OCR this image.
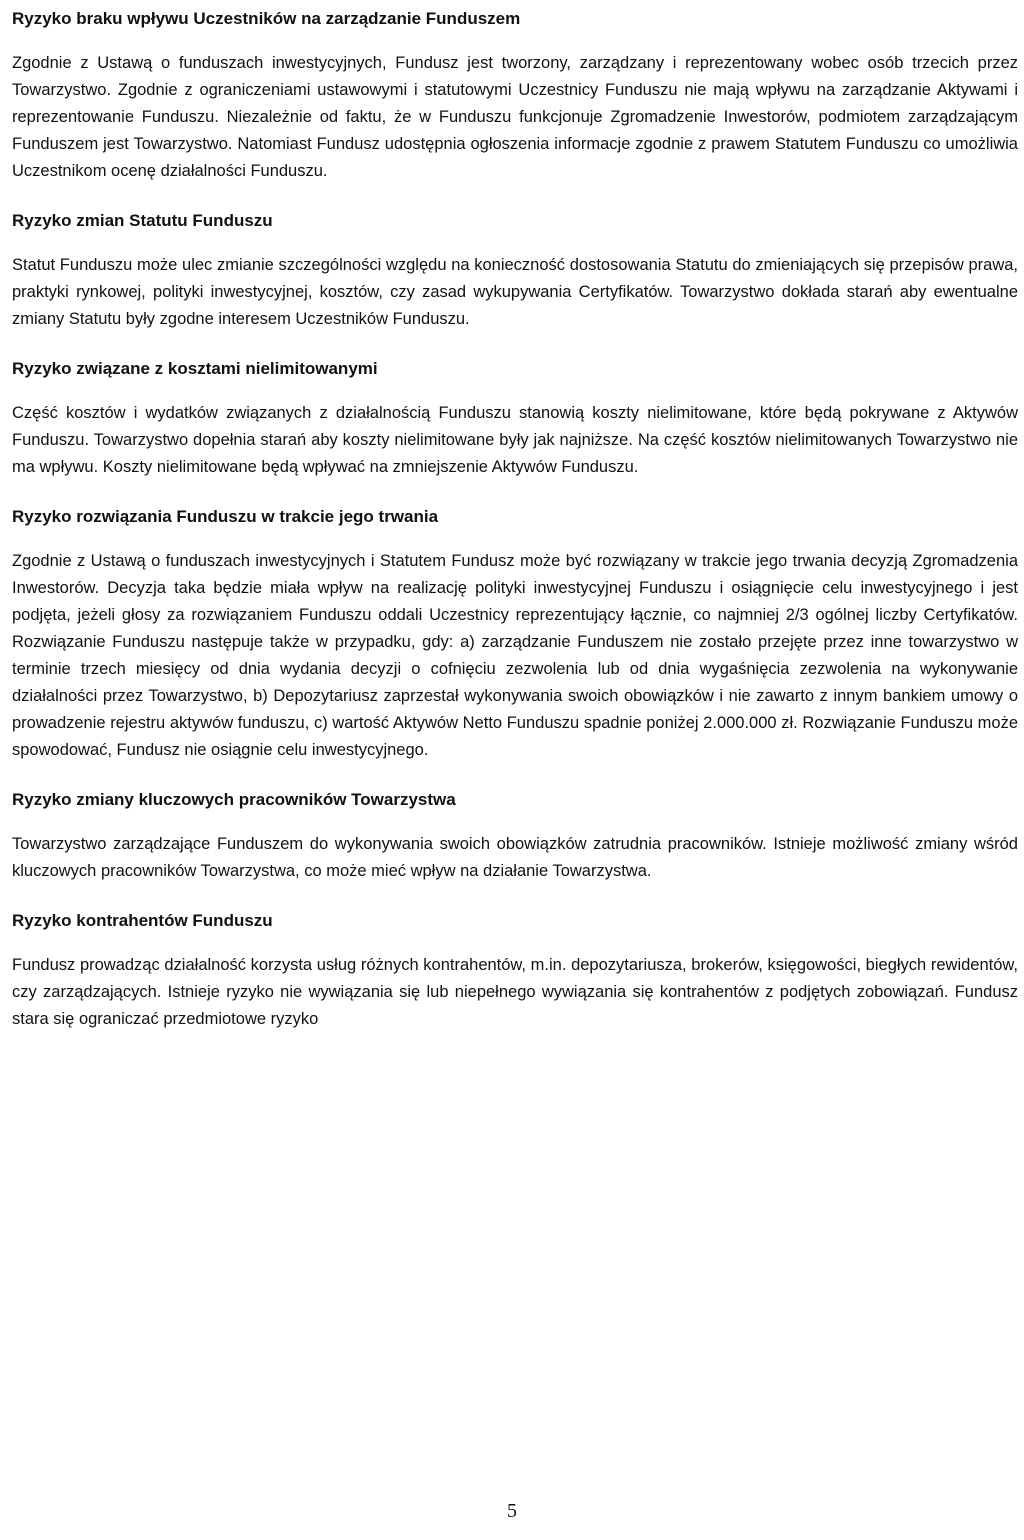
Ryzyko braku wpływu Uczestników na zarządzanie Funduszem
Zgodnie z Ustawą o funduszach inwestycyjnych, Fundusz jest tworzony, zarządzany i reprezentowany wobec osób trzecich przez Towarzystwo. Zgodnie z ograniczeniami ustawowymi i statutowymi Uczestnicy Funduszu nie mają wpływu na zarządzanie Aktywami i reprezentowanie Funduszu. Niezależnie od faktu, że w Funduszu funkcjonuje Zgromadzenie Inwestorów, podmiotem zarządzającym Funduszem jest Towarzystwo. Natomiast Fundusz udostępnia ogłoszenia informacje zgodnie z prawem Statutem Funduszu co umożliwia Uczestnikom ocenę działalności Funduszu.
Ryzyko zmian Statutu Funduszu
Statut Funduszu może ulec zmianie szczególności względu na konieczność dostosowania Statutu do zmieniających się przepisów prawa, praktyki rynkowej, polityki inwestycyjnej, kosztów, czy zasad wykupywania Certyfikatów. Towarzystwo dokłada starań aby ewentualne zmiany Statutu były zgodne interesem Uczestników Funduszu.
Ryzyko związane z kosztami nielimitowanymi
Część kosztów i wydatków związanych z działalnością Funduszu stanowią koszty nielimitowane, które będą pokrywane z Aktywów Funduszu. Towarzystwo dopełnia starań aby koszty nielimitowane były jak najniższe. Na część kosztów nielimitowanych Towarzystwo nie ma wpływu. Koszty nielimitowane będą wpływać na zmniejszenie Aktywów Funduszu.
Ryzyko rozwiązania Funduszu w trakcie jego trwania
Zgodnie z Ustawą o funduszach inwestycyjnych i Statutem Fundusz może być rozwiązany w trakcie jego trwania decyzją Zgromadzenia Inwestorów. Decyzja taka będzie miała wpływ na realizację polityki inwestycyjnej Funduszu i osiągnięcie celu inwestycyjnego i jest podjęta, jeżeli głosy za rozwiązaniem Funduszu oddali Uczestnicy reprezentujący łącznie, co najmniej 2/3 ogólnej liczby Certyfikatów. Rozwiązanie Funduszu następuje także w przypadku, gdy: a) zarządzanie Funduszem nie zostało przejęte przez inne towarzystwo w terminie trzech miesięcy od dnia wydania decyzji o cofnięciu zezwolenia lub od dnia wygaśnięcia zezwolenia na wykonywanie działalności przez Towarzystwo, b) Depozytariusz zaprzestał wykonywania swoich obowiązków i nie zawarto z innym bankiem umowy o prowadzenie rejestru aktywów funduszu, c) wartość Aktywów Netto Funduszu spadnie poniżej 2.000.000 zł. Rozwiązanie Funduszu może spowodować, Fundusz nie osiągnie celu inwestycyjnego.
Ryzyko zmiany kluczowych pracowników Towarzystwa
Towarzystwo zarządzające Funduszem do wykonywania swoich obowiązków zatrudnia pracowników. Istnieje możliwość zmiany wśród kluczowych pracowników Towarzystwa, co może mieć wpływ na działanie Towarzystwa.
Ryzyko kontrahentów Funduszu
Fundusz prowadząc działalność korzysta usług różnych kontrahentów, m.in. depozytariusza, brokerów, księgowości, biegłych rewidentów, czy zarządzających. Istnieje ryzyko nie wywiązania się lub niepełnego wywiązania się kontrahentów z podjętych zobowiązań. Fundusz stara się ograniczać przedmiotowe ryzyko
5
